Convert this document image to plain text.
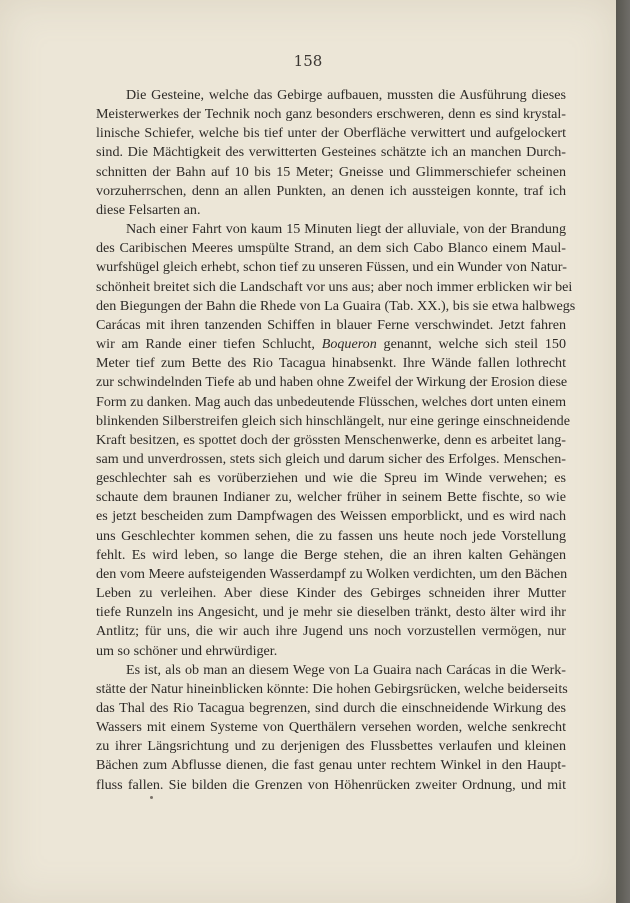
158
Die Gesteine, welche das Gebirge aufbauen, mussten die Ausführung dieses
Meisterwerkes der Technik noch ganz besonders erschweren, denn es sind krystal-
linische Schiefer, welche bis tief unter der Oberfläche verwittert und aufgelockert
sind. Die Mächtigkeit des verwitterten Gesteines schätzte ich an manchen Durch-
schnitten der Bahn auf 10 bis 15 Meter; Gneisse und Glimmerschiefer scheinen
vorzuherrschen, denn an allen Punkten, an denen ich aussteigen konnte, traf ich
diese Felsarten an.
Nach einer Fahrt von kaum 15 Minuten liegt der alluviale, von der Brandung
des Caribischen Meeres umspülte Strand, an dem sich Cabo Blanco einem Maul-
wurfshügel gleich erhebt, schon tief zu unseren Füssen, und ein Wunder von Natur-
schönheit breitet sich die Landschaft vor uns aus; aber noch immer erblicken wir bei
den Biegungen der Bahn die Rhede von La Guaira (Tab. XX.), bis sie etwa halbwegs
Carácas mit ihren tanzenden Schiffen in blauer Ferne verschwindet. Jetzt fahren
wir am Rande einer tiefen Schlucht, Boqueron genannt, welche sich steil 150
Meter tief zum Bette des Rio Tacagua hinabsenkt. Ihre Wände fallen lothrecht
zur schwindelnden Tiefe ab und haben ohne Zweifel der Wirkung der Erosion diese
Form zu danken. Mag auch das unbedeutende Flüsschen, welches dort unten einem
blinkenden Silberstreifen gleich sich hinschlängelt, nur eine geringe einschneidende
Kraft besitzen, es spottet doch der grössten Menschenwerke, denn es arbeitet lang-
sam und unverdrossen, stets sich gleich und darum sicher des Erfolges. Menschen-
geschlechter sah es vorüberziehen und wie die Spreu im Winde verwehen; es
schaute dem braunen Indianer zu, welcher früher in seinem Bette fischte, so wie
es jetzt bescheiden zum Dampfwagen des Weissen emporblickt, und es wird nach
uns Geschlechter kommen sehen, die zu fassen uns heute noch jede Vorstellung
fehlt. Es wird leben, so lange die Berge stehen, die an ihren kalten Gehängen
den vom Meere aufsteigenden Wasserdampf zu Wolken verdichten, um den Bächen
Leben zu verleihen. Aber diese Kinder des Gebirges schneiden ihrer Mutter
tiefe Runzeln ins Angesicht, und je mehr sie dieselben tränkt, desto älter wird ihr
Antlitz; für uns, die wir auch ihre Jugend uns noch vorzustellen vermögen, nur
um so schöner und ehrwürdiger.
Es ist, als ob man an diesem Wege von La Guaira nach Carácas in die Werk-
stätte der Natur hineinblicken könnte: Die hohen Gebirgsrücken, welche beiderseits
das Thal des Rio Tacagua begrenzen, sind durch die einschneidende Wirkung des
Wassers mit einem Systeme von Querthälern versehen worden, welche senkrecht
zu ihrer Längsrichtung und zu derjenigen des Flussbettes verlaufen und kleinen
Bächen zum Abflusse dienen, die fast genau unter rechtem Winkel in den Haupt-
fluss fallen. Sie bilden die Grenzen von Höhenrücken zweiter Ordnung, und mit
